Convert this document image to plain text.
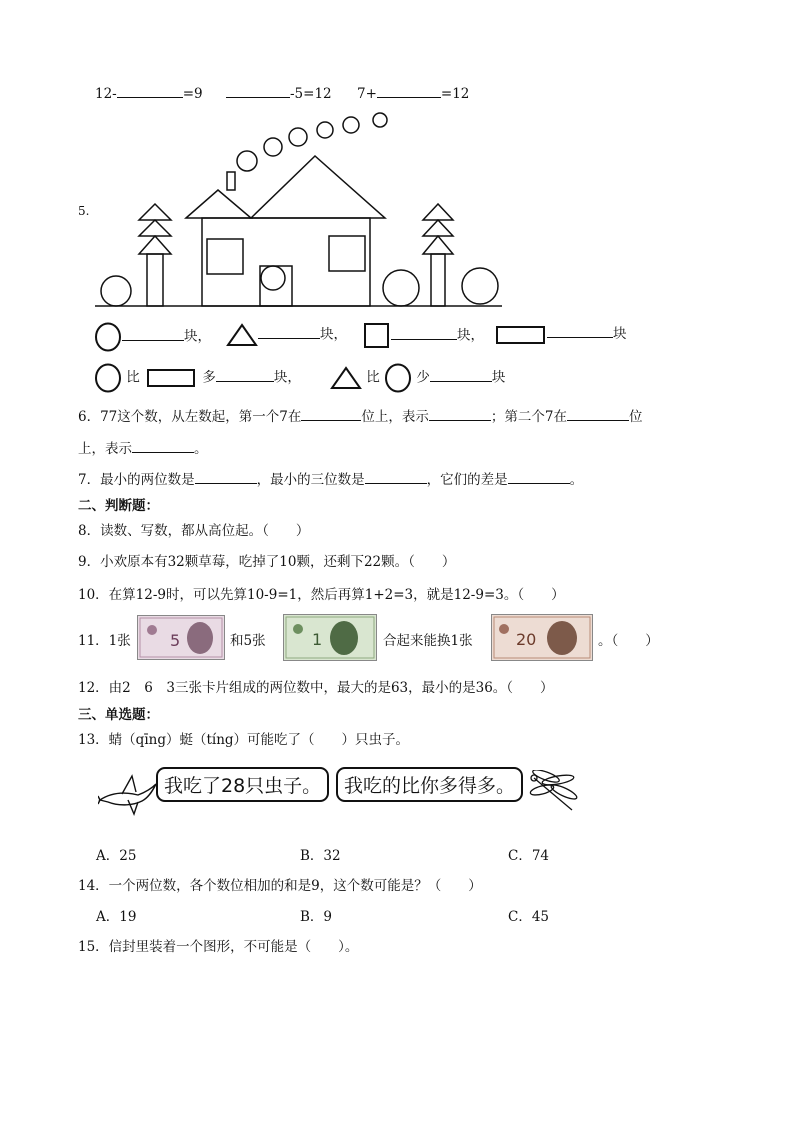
12-	=9	-5=12 7+	=12
5.
块，	块，	块，	块
比	多	块，	比	少	块
6．77这个数，从左数起，第一个7在	位上，表示	；第二个7在	位
上，表示	。
7．最小的两位数是	，最小的三位数是	，它们的差是	。
二、判断题：
8．读数、写数，都从高位起。（　　）
9．小欢原本有32颗草莓，吃掉了10颗，还剩下22颗。（　　）
10．在算12-9时，可以先算10-9=1，然后再算1+2=3，就是12-9=3。（　　）
11．1张 5	和5张	1	合起来能换1张	20	。（　　）
12．由2　6　3三张卡片组成的两位数中，最大的是63，最小的是36。（　　）
三、单选题：
13．蜻（qīng）蜓（tíng）可能吃了（　　）只虫子。
我吃了28只虫子。	我吃的比你多得多。
A．25	B．32	C．74
14．一个两位数，各个数位相加的和是9，这个数可能是？（　　）
A．19	B．9	C．45
15．信封里装着一个图形，不可能是（　　）。
